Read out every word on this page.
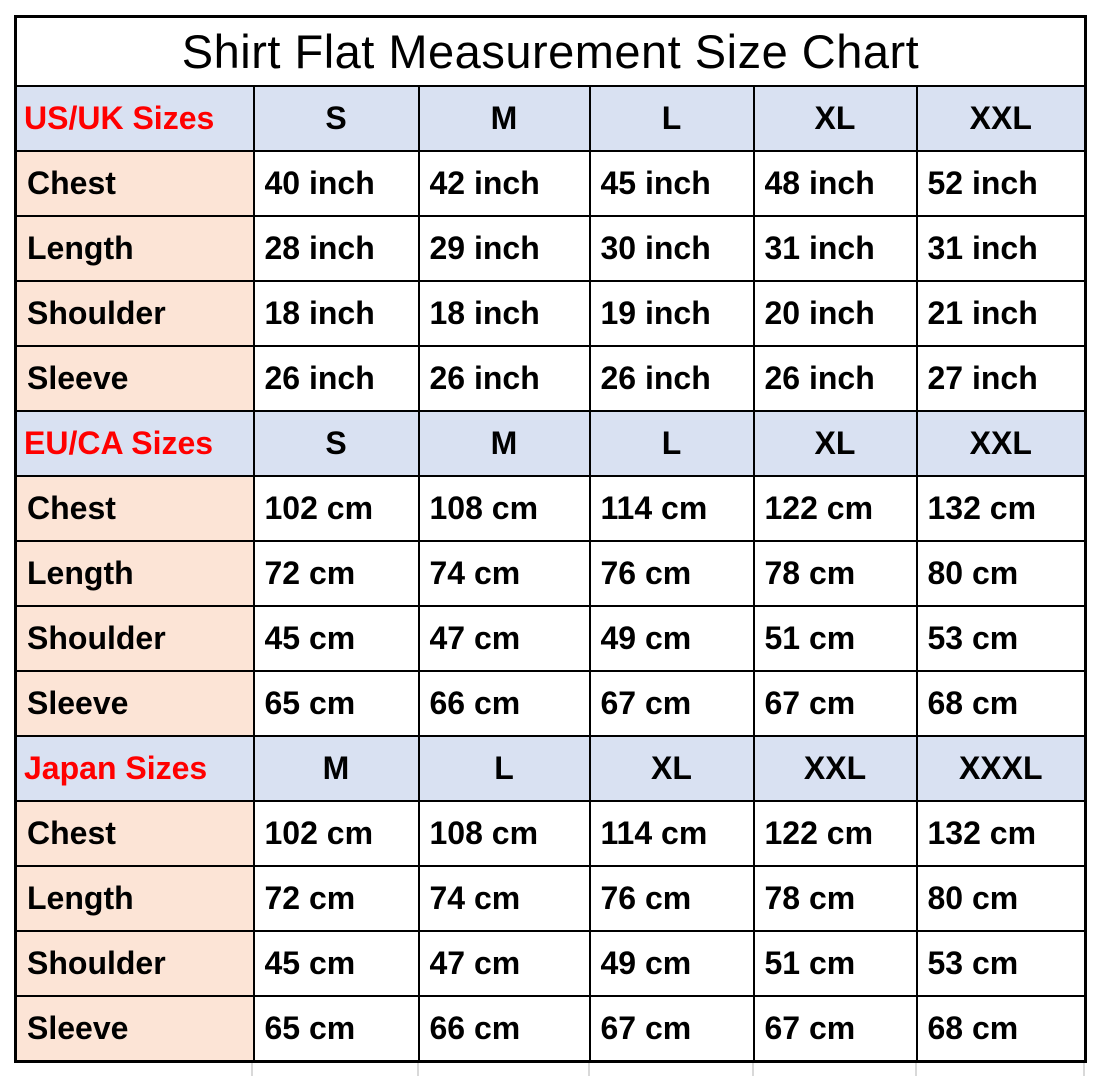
Shirt Flat Measurement Size Chart					
US/UK Sizes	S	M	L	XL	XXL
Chest	40 inch	42 inch	45 inch	48 inch	52 inch
Length	28 inch	29 inch	30 inch	31 inch	31 inch
Shoulder	18 inch	18 inch	19 inch	20 inch	21 inch
Sleeve	26 inch	26 inch	26 inch	26 inch	27 inch
EU/CA Sizes	S	M	L	XL	XXL
Chest	102 cm	108 cm	114 cm	122 cm	132 cm
Length	72 cm	74 cm	76 cm	78 cm	80 cm
Shoulder	45 cm	47 cm	49 cm	51 cm	53 cm
Sleeve	65 cm	66 cm	67 cm	67 cm	68 cm
Japan Sizes	M	L	XL	XXL	XXXL
Chest	102 cm	108 cm	114 cm	122 cm	132 cm
Length	72 cm	74 cm	76 cm	78 cm	80 cm
Shoulder	45 cm	47 cm	49 cm	51 cm	53 cm
Sleeve	65 cm	66 cm	67 cm	67 cm	68 cm
